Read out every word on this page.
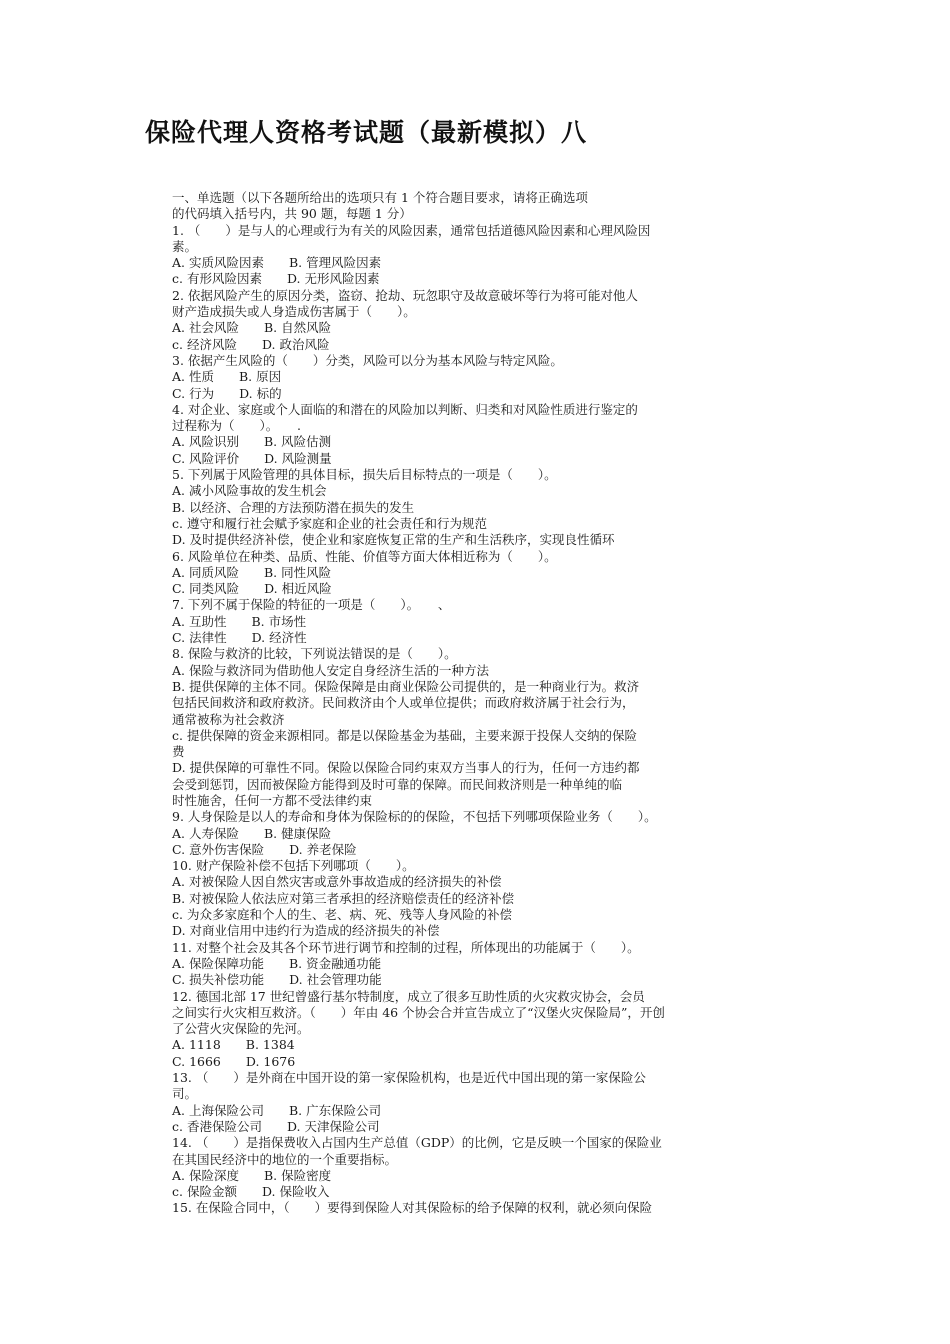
保险代理人资格考试题（最新模拟）八
一、单选题（以下各题所给出的选项只有 1 个符合题目要求，请将正确选项
的代码填入括号内，共 90 题，每题 1 分）
1. （　　）是与人的心理或行为有关的风险因素，通常包括道德风险因素和心理风险因
素。
A. 实质风险因素　　B. 管理风险因素
c. 有形风险因素　　D. 无形风险因素
2. 依据风险产生的原因分类，盗窃、抢劫、玩忽职守及故意破坏等行为将可能对他人
财产造成损失或人身造成伤害属于（　　）。
A. 社会风险　　B. 自然风险
c. 经济风险　　D. 政治风险
3. 依据产生风险的（　　）分类，风险可以分为基本风险与特定风险。
A. 性质　　B. 原因
C. 行为　　D. 标的
4. 对企业、家庭或个人面临的和潜在的风险加以判断、归类和对风险性质进行鉴定的
过程称为（　　）。　　.
A. 风险识别　　B. 风险估测
C. 风险评价　　D. 风险测量
5. 下列属于风险管理的具体目标，损失后目标特点的一项是（　　）。
A. 减小风险事故的发生机会
B. 以经济、合理的方法预防潜在损失的发生
c. 遵守和履行社会赋予家庭和企业的社会责任和行为规范
D. 及时提供经济补偿，使企业和家庭恢复正常的生产和生活秩序，实现良性循环
6. 风险单位在种类、品质、性能、价值等方面大体相近称为（　　）。
A. 同质风险　　B. 同性风险
C. 同类风险　　D. 相近风险
7. 下列不属于保险的特征的一项是（　　）。　　、
A. 互助性　　B. 市场性
C. 法律性　　D. 经济性
8. 保险与救济的比较，下列说法错误的是（　　）。
A. 保险与救济同为借助他人安定自身经济生活的一种方法
B. 提供保障的主体不同。保险保障是由商业保险公司提供的，是一种商业行为。救济
包括民间救济和政府救济。民间救济由个人或单位提供；而政府救济属于社会行为，
通常被称为社会救济
c. 提供保障的资金来源相同。都是以保险基金为基础，主要来源于投保人交纳的保险
费
D. 提供保障的可靠性不同。保险以保险合同约束双方当事人的行为，任何一方违约都
会受到惩罚，因而被保险方能得到及时可靠的保障。而民间救济则是一种单纯的临
时性施舍，任何一方都不受法律约束
9. 人身保险是以人的寿命和身体为保险标的的保险，不包括下列哪项保险业务（　　）。
A. 人寿保险　　B. 健康保险
C. 意外伤害保险　　D. 养老保险
10. 财产保险补偿不包括下列哪项（　　）。
A. 对被保险人因自然灾害或意外事故造成的经济损失的补偿
B. 对被保险人依法应对第三者承担的经济赔偿责任的经济补偿
c. 为众多家庭和个人的生、老、病、死、残等人身风险的补偿
D. 对商业信用中违约行为造成的经济损失的补偿
11. 对整个社会及其各个环节进行调节和控制的过程，所体现出的功能属于（　　）。
A. 保险保障功能　　B. 资金融通功能
C. 损失补偿功能　　D. 社会管理功能
12. 德国北部 17 世纪曾盛行基尔特制度，成立了很多互助性质的火灾救灾协会，会员
之间实行火灾相互救济。（　　）年由 46 个协会合并宣告成立了“汉堡火灾保险局”，开创
了公营火灾保险的先河。
A. 1118　　B. 1384
C. 1666　　D. 1676
13. （　　）是外商在中国开设的第一家保险机构，也是近代中国出现的第一家保险公
司。
A. 上海保险公司　　B. 广东保险公司
c. 香港保险公司　　D. 天津保险公司
14. （　　）是指保费收入占国内生产总值（GDP）的比例，它是反映一个国家的保险业
在其国民经济中的地位的一个重要指标。
A. 保险深度　　B. 保险密度
c. 保险金额　　D. 保险收入
15. 在保险合同中，（　　）要得到保险人对其保险标的给予保障的权利，就必须向保险
